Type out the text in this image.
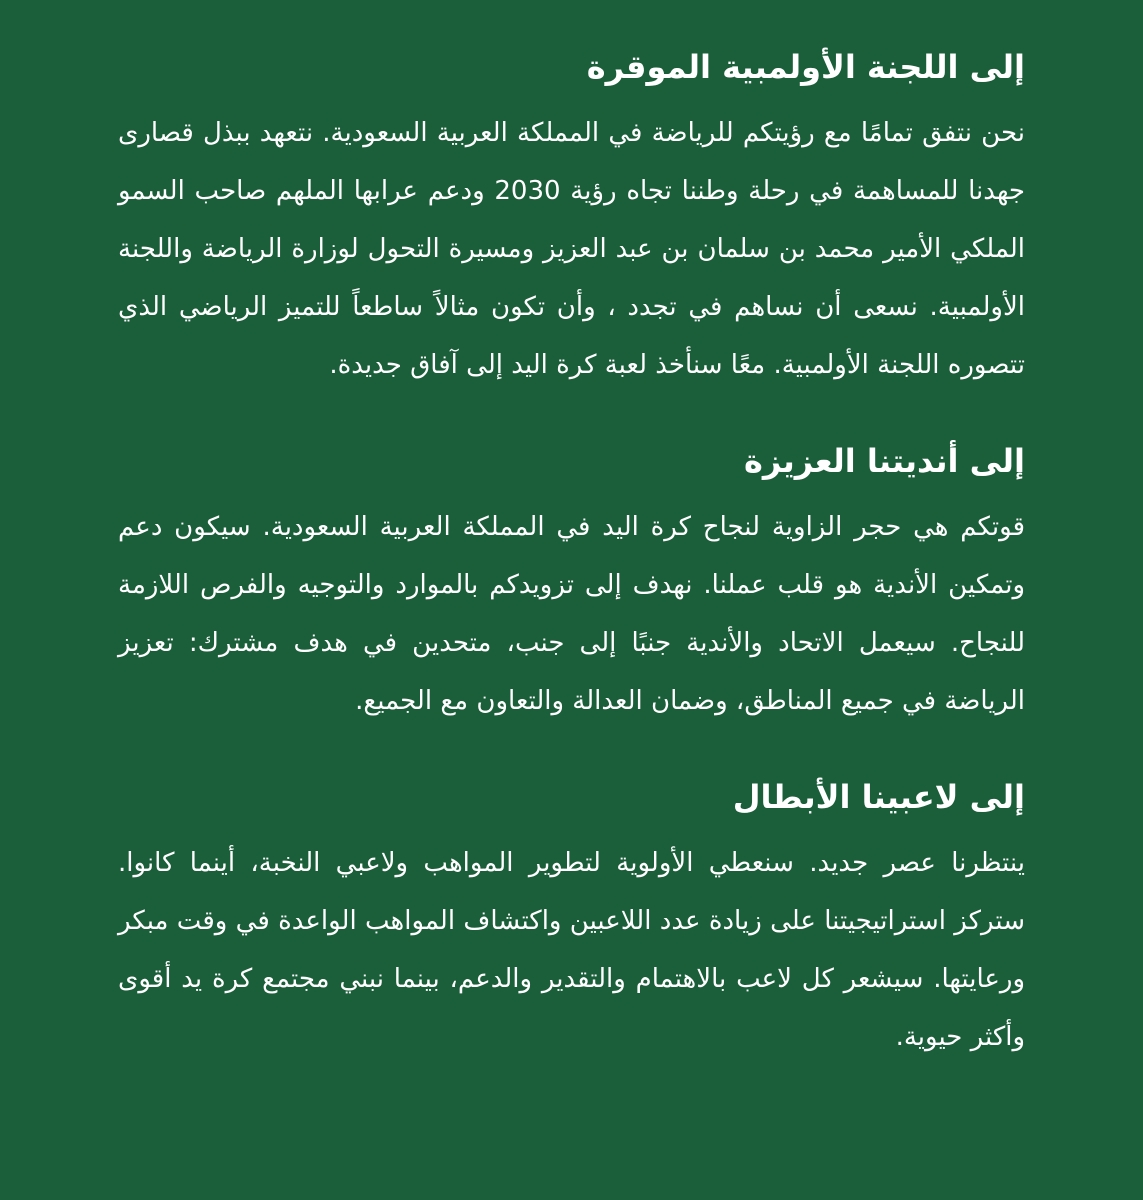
إلى اللجنة الأولمبية الموقرة

نحن نتفق تمامًا مع رؤيتكم للرياضة في المملكة العربية السعودية. نتعهد ببذل قصارى جهدنا للمساهمة في رحلة وطننا تجاه رؤية 2030 ودعم عرابها الملهم صاحب السمو الملكي الأمير محمد بن سلمان بن عبد العزيز ومسيرة التحول لوزارة الرياضة واللجنة الأولمبية. نسعى أن نساهم في تجدد ، وأن تكون مثالاً ساطعاً للتميز الرياضي الذي تتصوره اللجنة الأولمبية. معًا سنأخذ لعبة كرة اليد إلى آفاق جديدة.

إلى أنديتنا العزيزة

قوتكم هي حجر الزاوية لنجاح كرة اليد في المملكة العربية السعودية. سيكون دعم وتمكين الأندية هو قلب عملنا. نهدف إلى تزويدكم بالموارد والتوجيه والفرص اللازمة للنجاح. سيعمل الاتحاد والأندية جنبًا إلى جنب، متحدين في هدف مشترك: تعزيز الرياضة في جميع المناطق، وضمان العدالة والتعاون مع الجميع.

إلى لاعبينا الأبطال

ينتظرنا عصر جديد. سنعطي الأولوية لتطوير المواهب ولاعبي النخبة، أينما كانوا. ستركز استراتيجيتنا على زيادة عدد اللاعبين واكتشاف المواهب الواعدة في وقت مبكر ورعايتها. سيشعر كل لاعب بالاهتمام والتقدير والدعم، بينما نبني مجتمع كرة يد أقوى وأكثر حيوية.
